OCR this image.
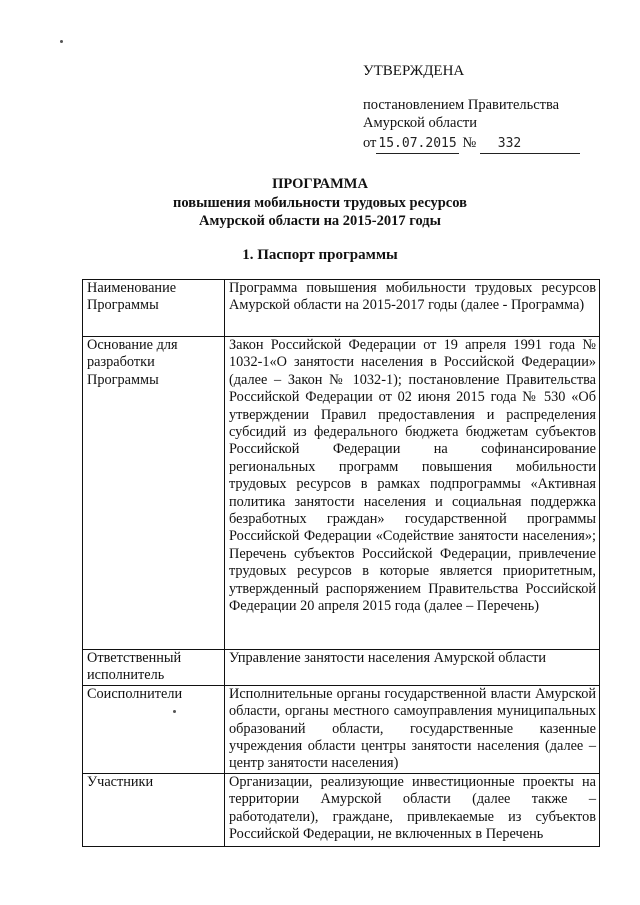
УТВЕРЖДЕНА
постановлением Правительства
Амурской области
от 15.07.2015 № 332
ПРОГРАММА
повышения мобильности трудовых ресурсов
Амурской области на 2015-2017 годы
1. Паспорт программы
Наименование Программы	Программа повышения мобильности трудовых ресурсов Амурской области на 2015-2017 годы (далее - Программа)
Основание для разработки Программы	Закон Российской Федерации от 19 апреля 1991 года № 1032-1«О занятости населения в Российской Федерации» (далее – Закон № 1032-1); постановление Правительства Российской Федерации от 02 июня 2015 года № 530 «Об утверждении Правил предоставления и распределения субсидий из федерального бюджета бюджетам субъектов Российской Федерации на софинансирование региональных программ повышения мобильности трудовых ресурсов в рамках подпрограммы «Активная политика занятости населения и социальная поддержка безработных граждан» государственной программы Российской Федерации «Содействие занятости населения»; Перечень субъектов Российской Федерации, привлечение трудовых ресурсов в которые является приоритетным, утвержденный распоряжением Правительства Российской Федерации 20 апреля 2015 года (далее – Перечень)
Ответственный исполнитель	Управление занятости населения Амурской области
Соисполнители	Исполнительные органы государственной власти Амурской области, органы местного самоуправления муниципальных образований области, государственные казенные учреждения области центры занятости населения (далее – центр занятости населения)
Участники	Организации, реализующие инвестиционные проекты на территории Амурской области (далее также – работодатели), граждане, привлекаемые из субъектов Российской Федерации, не включенных в Перечень
